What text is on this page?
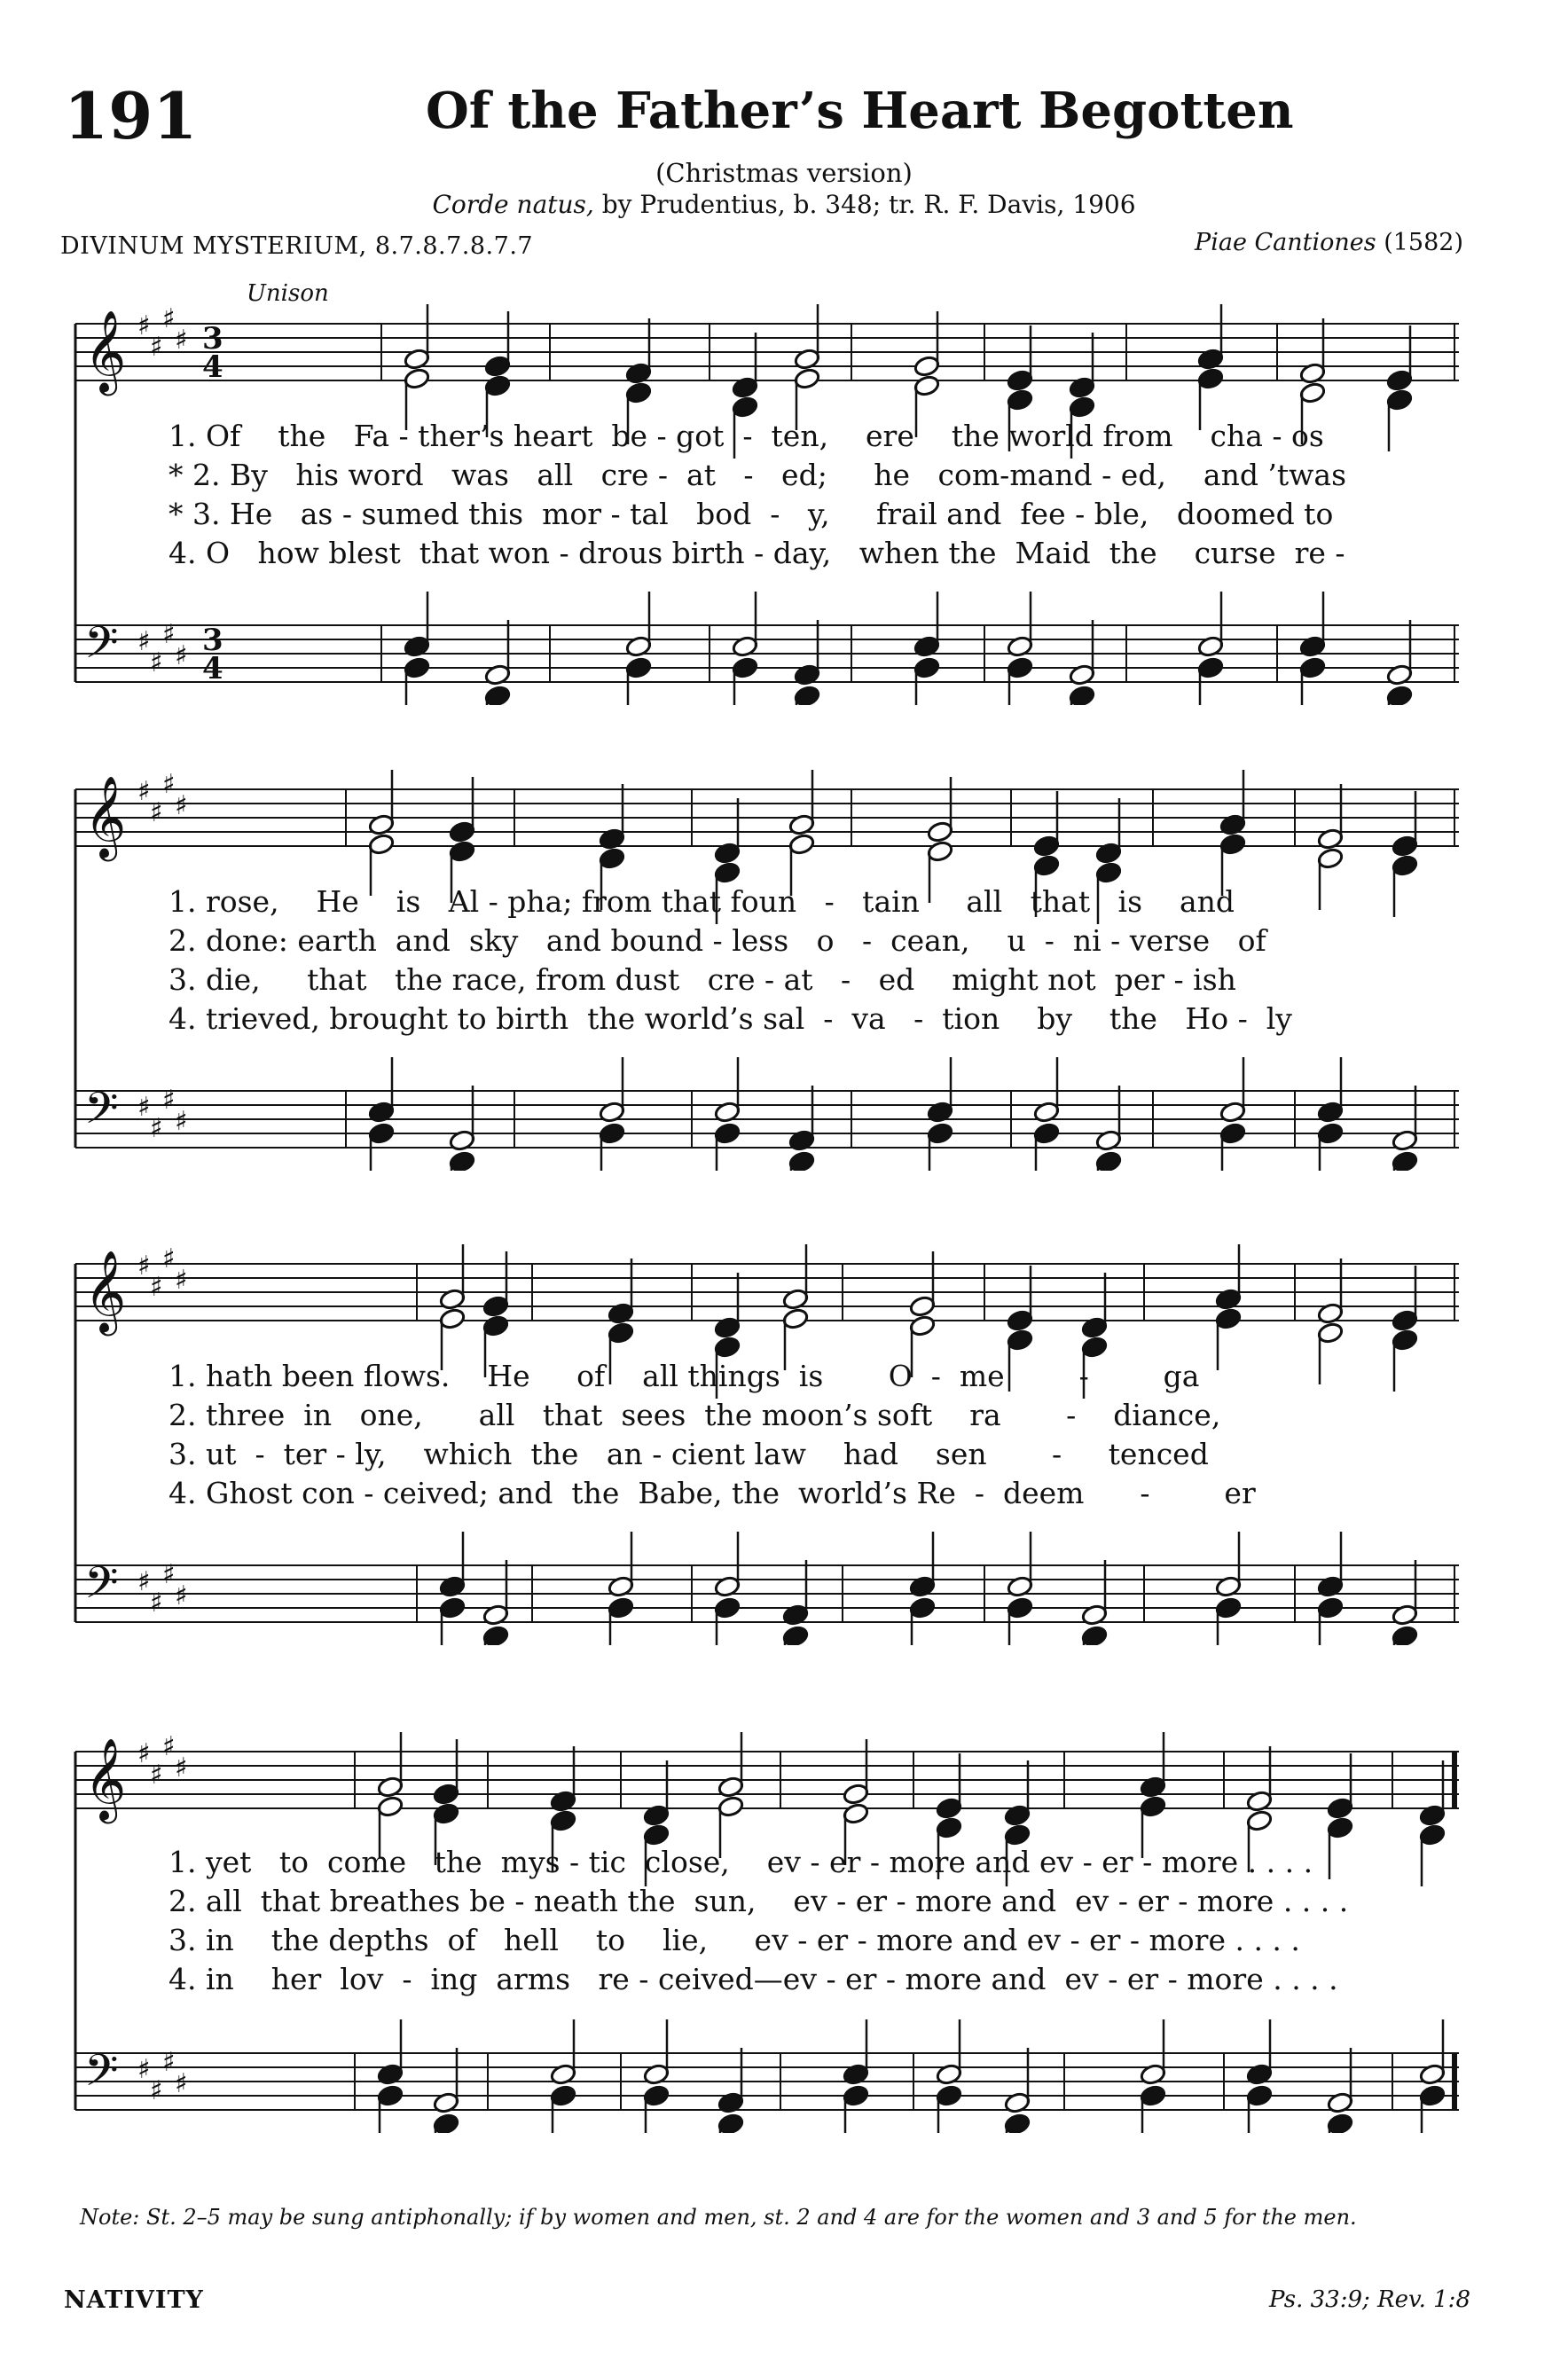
191	Of the Father’s Heart Begotten
(Christmas version)
Corde natus, by Prudentius, b. 348; tr. R. F. Davis, 1906
DIVINUM MYSTERIUM, 8.7.8.7.8.7.7	Piae Cantiones (1582)
Unison
𝄞 ♯
♯
♯
♯
𝄢 ♯
♯
♯
♯
3
3
4
4
1. Of    the   Fa - ther’s heart  be - got  -  ten,    ere    the world from    cha - os
* 2. By   his word   was   all   cre -  at   -   ed;     he   com-mand - ed,    and ’twas
* 3. He   as - sumed this  mor - tal   bod  -   y,     frail and  fee - ble,   doomed to
4. O   how blest  that won - drous birth - day,   when the  Maid  the    curse  re -
𝄞 ♯
♯
♯
♯
𝄢 ♯
♯
♯
♯
1. rose,    He    is   Al - pha; from that foun   -   tain     all   that   is    and
2. done: earth  and  sky   and bound - less   o   -  cean,    u  -  ni - verse   of
3. die,     that   the race, from dust   cre - at   -   ed    might not  per - ish
4. trieved, brought to birth  the world’s sal  -  va   -  tion    by    the   Ho -  ly
𝄞 ♯
♯
♯
♯
𝄢 ♯
♯
♯
♯
1. hath been flows.    He     of    all things  is       O  -  me        -        ga
2. three  in   one,      all   that  sees  the moon’s soft    ra       -    diance,
3. ut  -  ter - ly,    which  the   an - cient law    had    sen       -     tenced
4. Ghost con - ceived; and  the  Babe, the  world’s Re  -  deem      -        er
𝄞 ♯
♯
♯
♯
𝄢 ♯
♯
♯
♯
1. yet   to  come   the  mys - tic  close,    ev - er - more and ev - er - more . . . .
2. all  that breathes be - neath the  sun,    ev - er - more and  ev - er - more . . . .
3. in    the depths  of   hell    to    lie,     ev - er - more and ev - er - more . . . .
4. in    her  lov  -  ing  arms   re - ceived—ev - er - more and  ev - er - more . . . .
Note: St. 2–5 may be sung antiphonally; if by women and men, st. 2 and 4 are for the women and 3 and 5 for the men.
NATIVITY	Ps. 33:9; Rev. 1:8
